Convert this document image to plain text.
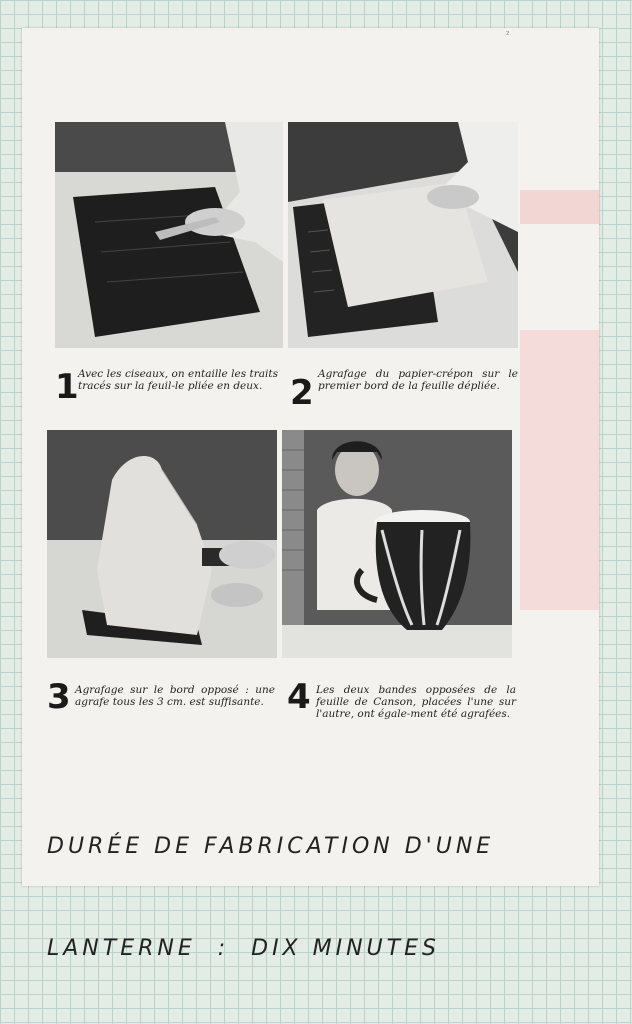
²
1 Avec les ciseaux, on entaille les traits tracés sur la feuil-le pliée en deux. 2 Agrafage du papier-crépon sur le premier bord de la feuille dépliée.
3 Agrafage sur le bord opposé : une agrafe tous les 3 cm. est suffisante. 4 Les deux bandes opposées de la feuille de Canson, placées l'une sur l'autre, ont égale-ment été agrafées.

DURÉE DE FABRICATION D'UNE

LANTERNE  :  DIX MINUTES
